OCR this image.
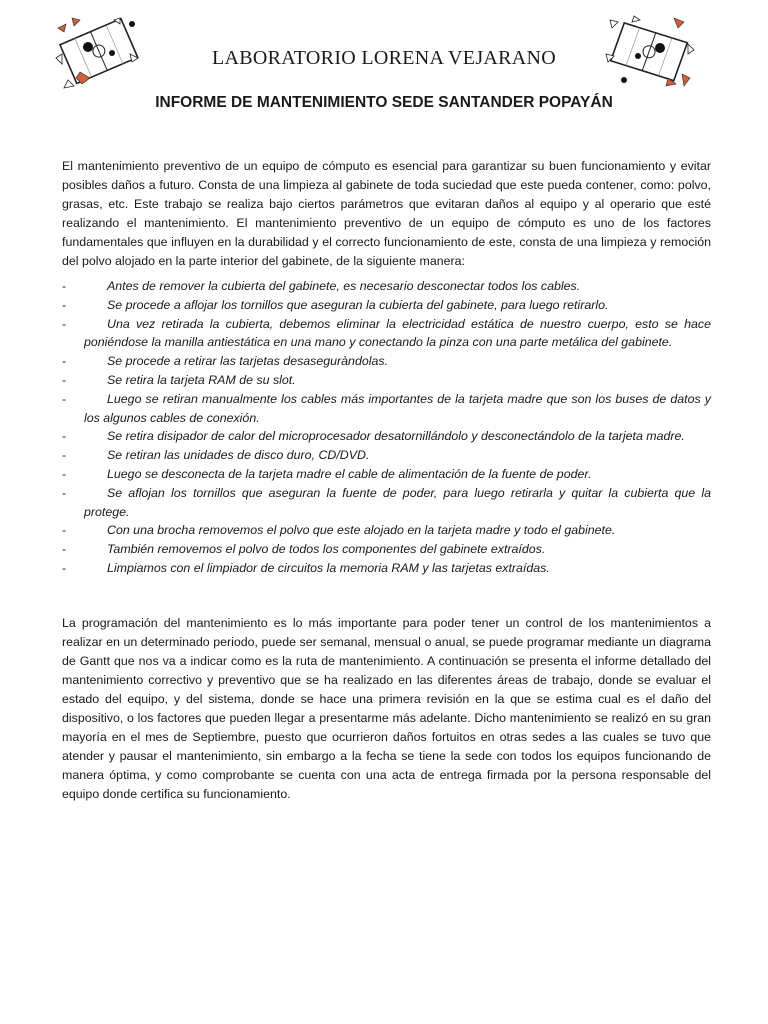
LABORATORIO LORENA VEJARANO
INFORME DE MANTENIMIENTO SEDE SANTANDER POPAYÁN

El mantenimiento preventivo de un equipo de cómputo es esencial para garantizar su buen funcionamiento y evitar posibles daños a futuro. Consta de una limpieza al gabinete de toda suciedad que este pueda contener, como: polvo, grasas, etc. Este trabajo se realiza bajo ciertos parámetros que evitaran daños al equipo y al operario que esté realizando el mantenimiento. El mantenimiento preventivo de un equipo de cómputo es uno de los factores fundamentales que influyen en la durabilidad y el correcto funcionamiento de este, consta de una limpieza y remoción del polvo alojado en la parte interior del gabinete, de la siguiente manera:

-	Antes de remover la cubierta del gabinete, es necesario desconectar todos los cables.
-	Se procede a aflojar los tornillos que aseguran la cubierta del gabinete, para luego retirarlo.
-	Una vez retirada la cubierta, debemos eliminar la electricidad estática de nuestro cuerpo, esto se hace poniéndose la manilla antiestática en una mano y conectando la pinza con una parte metálica del gabinete.
-	Se procede a retirar las tarjetas desaseguràndolas.
-	Se retira la tarjeta RAM de su slot.
-	Luego se retiran manualmente los cables más importantes de la tarjeta madre que son los buses de datos y los algunos cables de conexión.
-	Se retira disipador de calor del microprocesador desatornillándolo y desconectándolo de la tarjeta madre.
-	Se retiran las unidades de disco duro, CD/DVD.
-	Luego se desconecta de la tarjeta madre el cable de alimentación de la fuente de poder.
-	Se aflojan los tornillos que aseguran la fuente de poder, para luego retirarla y quitar la cubierta que la protege.
-	Con una brocha removemos el polvo que este alojado en la tarjeta madre y todo el gabinete.
-	También removemos el polvo de todos los componentes del gabinete extraídos.
-	Limpiamos con el limpiador de circuitos la memoria RAM y las tarjetas extraídas.

La programación del mantenimiento es lo más importante para poder tener un control de los mantenimientos a realizar en un determinado periodo, puede ser semanal, mensual o anual, se puede programar mediante un diagrama de Gantt que nos va a indicar como es la ruta de mantenimiento. A continuación se presenta el informe detallado del mantenimiento correctivo y preventivo que se ha realizado en las diferentes áreas de trabajo, donde se evaluar el estado del equipo, y del sistema, donde se hace una primera revisión en la que se estima cual es el daño del dispositivo, o los factores que pueden llegar a presentarme más adelante. Dicho mantenimiento se realizó en su gran mayoría en el mes de Septiembre, puesto que ocurrieron daños fortuitos en otras sedes a las cuales se tuvo que atender y pausar el mantenimiento, sin embargo a la fecha se tiene la sede con todos los equipos funcionando de manera óptima, y como comprobante se cuenta con una acta de entrega firmada por la persona responsable del equipo donde certifica su funcionamiento.
